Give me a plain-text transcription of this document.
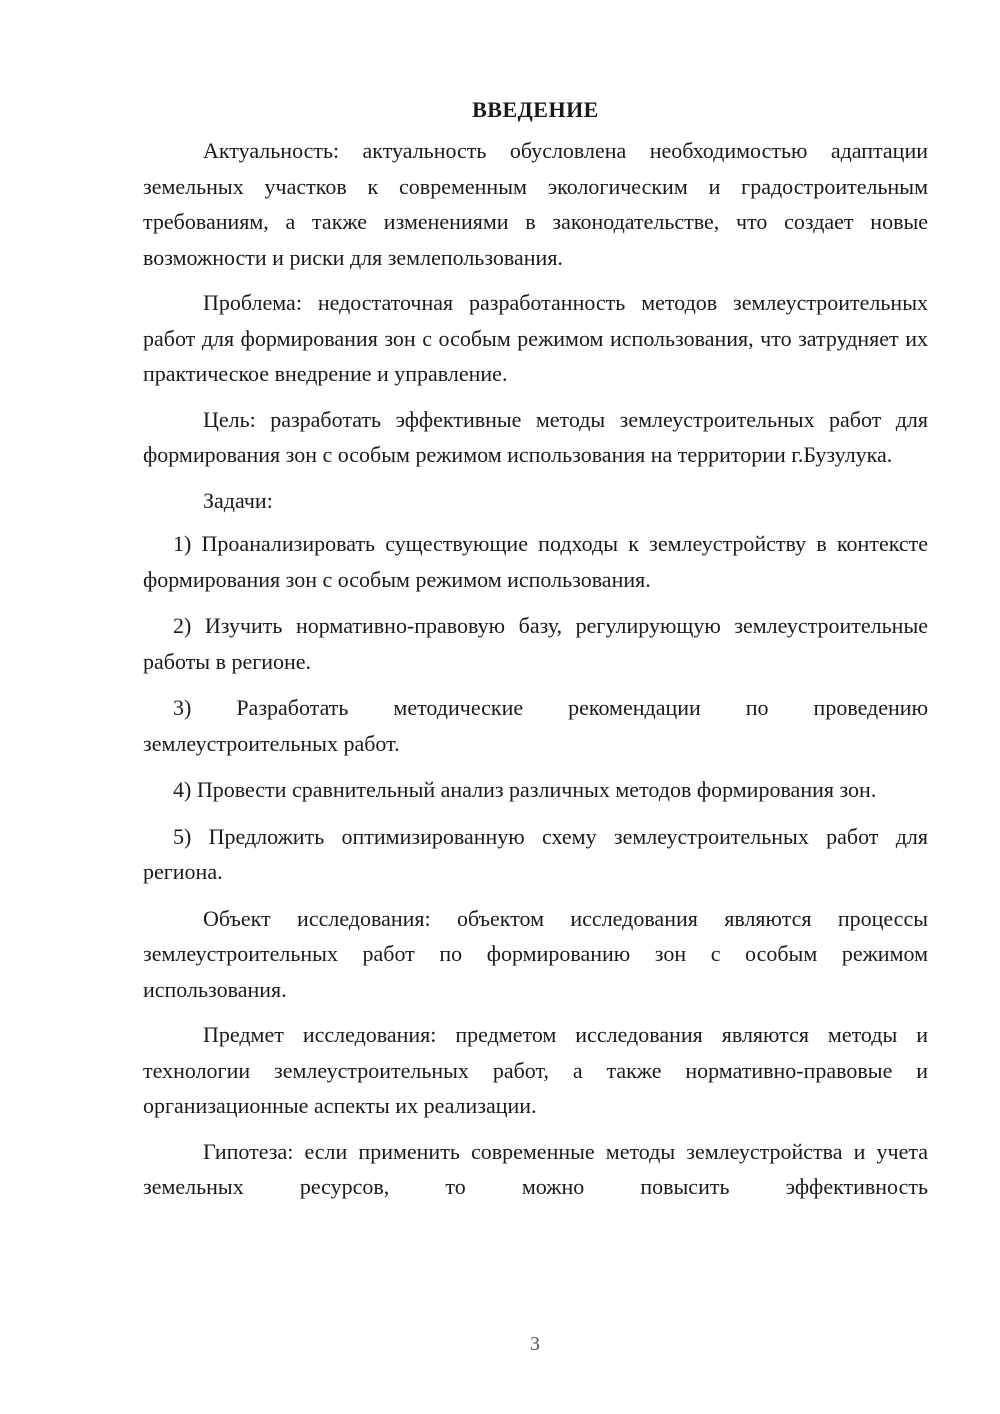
ВВЕДЕНИЕ

Актуальность: актуальность обусловлена необходимостью адаптации земельных участков к современным экологическим и градостроительным требованиям, а также изменениями в законодательстве, что создает новые возможности и риски для землепользования.

Проблема: недостаточная разработанность методов землеустроительных работ для формирования зон с особым режимом использования, что затрудняет их практическое внедрение и управление.

Цель: разработать эффективные методы землеустроительных работ для формирования зон с особым режимом использования на территории г.Бузулука.

Задачи:

1) Проанализировать существующие подходы к землеустройству в контексте формирования зон с особым режимом использования.

2) Изучить нормативно-правовую базу, регулирующую землеустроительные работы в регионе.

3) Разработать методические рекомендации по проведению землеустроительных работ.

4) Провести сравнительный анализ различных методов формирования зон.

5) Предложить оптимизированную схему землеустроительных работ для региона.

Объект исследования: объектом исследования являются процессы землеустроительных работ по формированию зон с особым режимом использования.

Предмет исследования: предметом исследования являются методы и технологии землеустроительных работ, а также нормативно-правовые и организационные аспекты их реализации.

Гипотеза: если применить современные методы землеустройства и учета земельных ресурсов, то можно повысить эффективность

3
